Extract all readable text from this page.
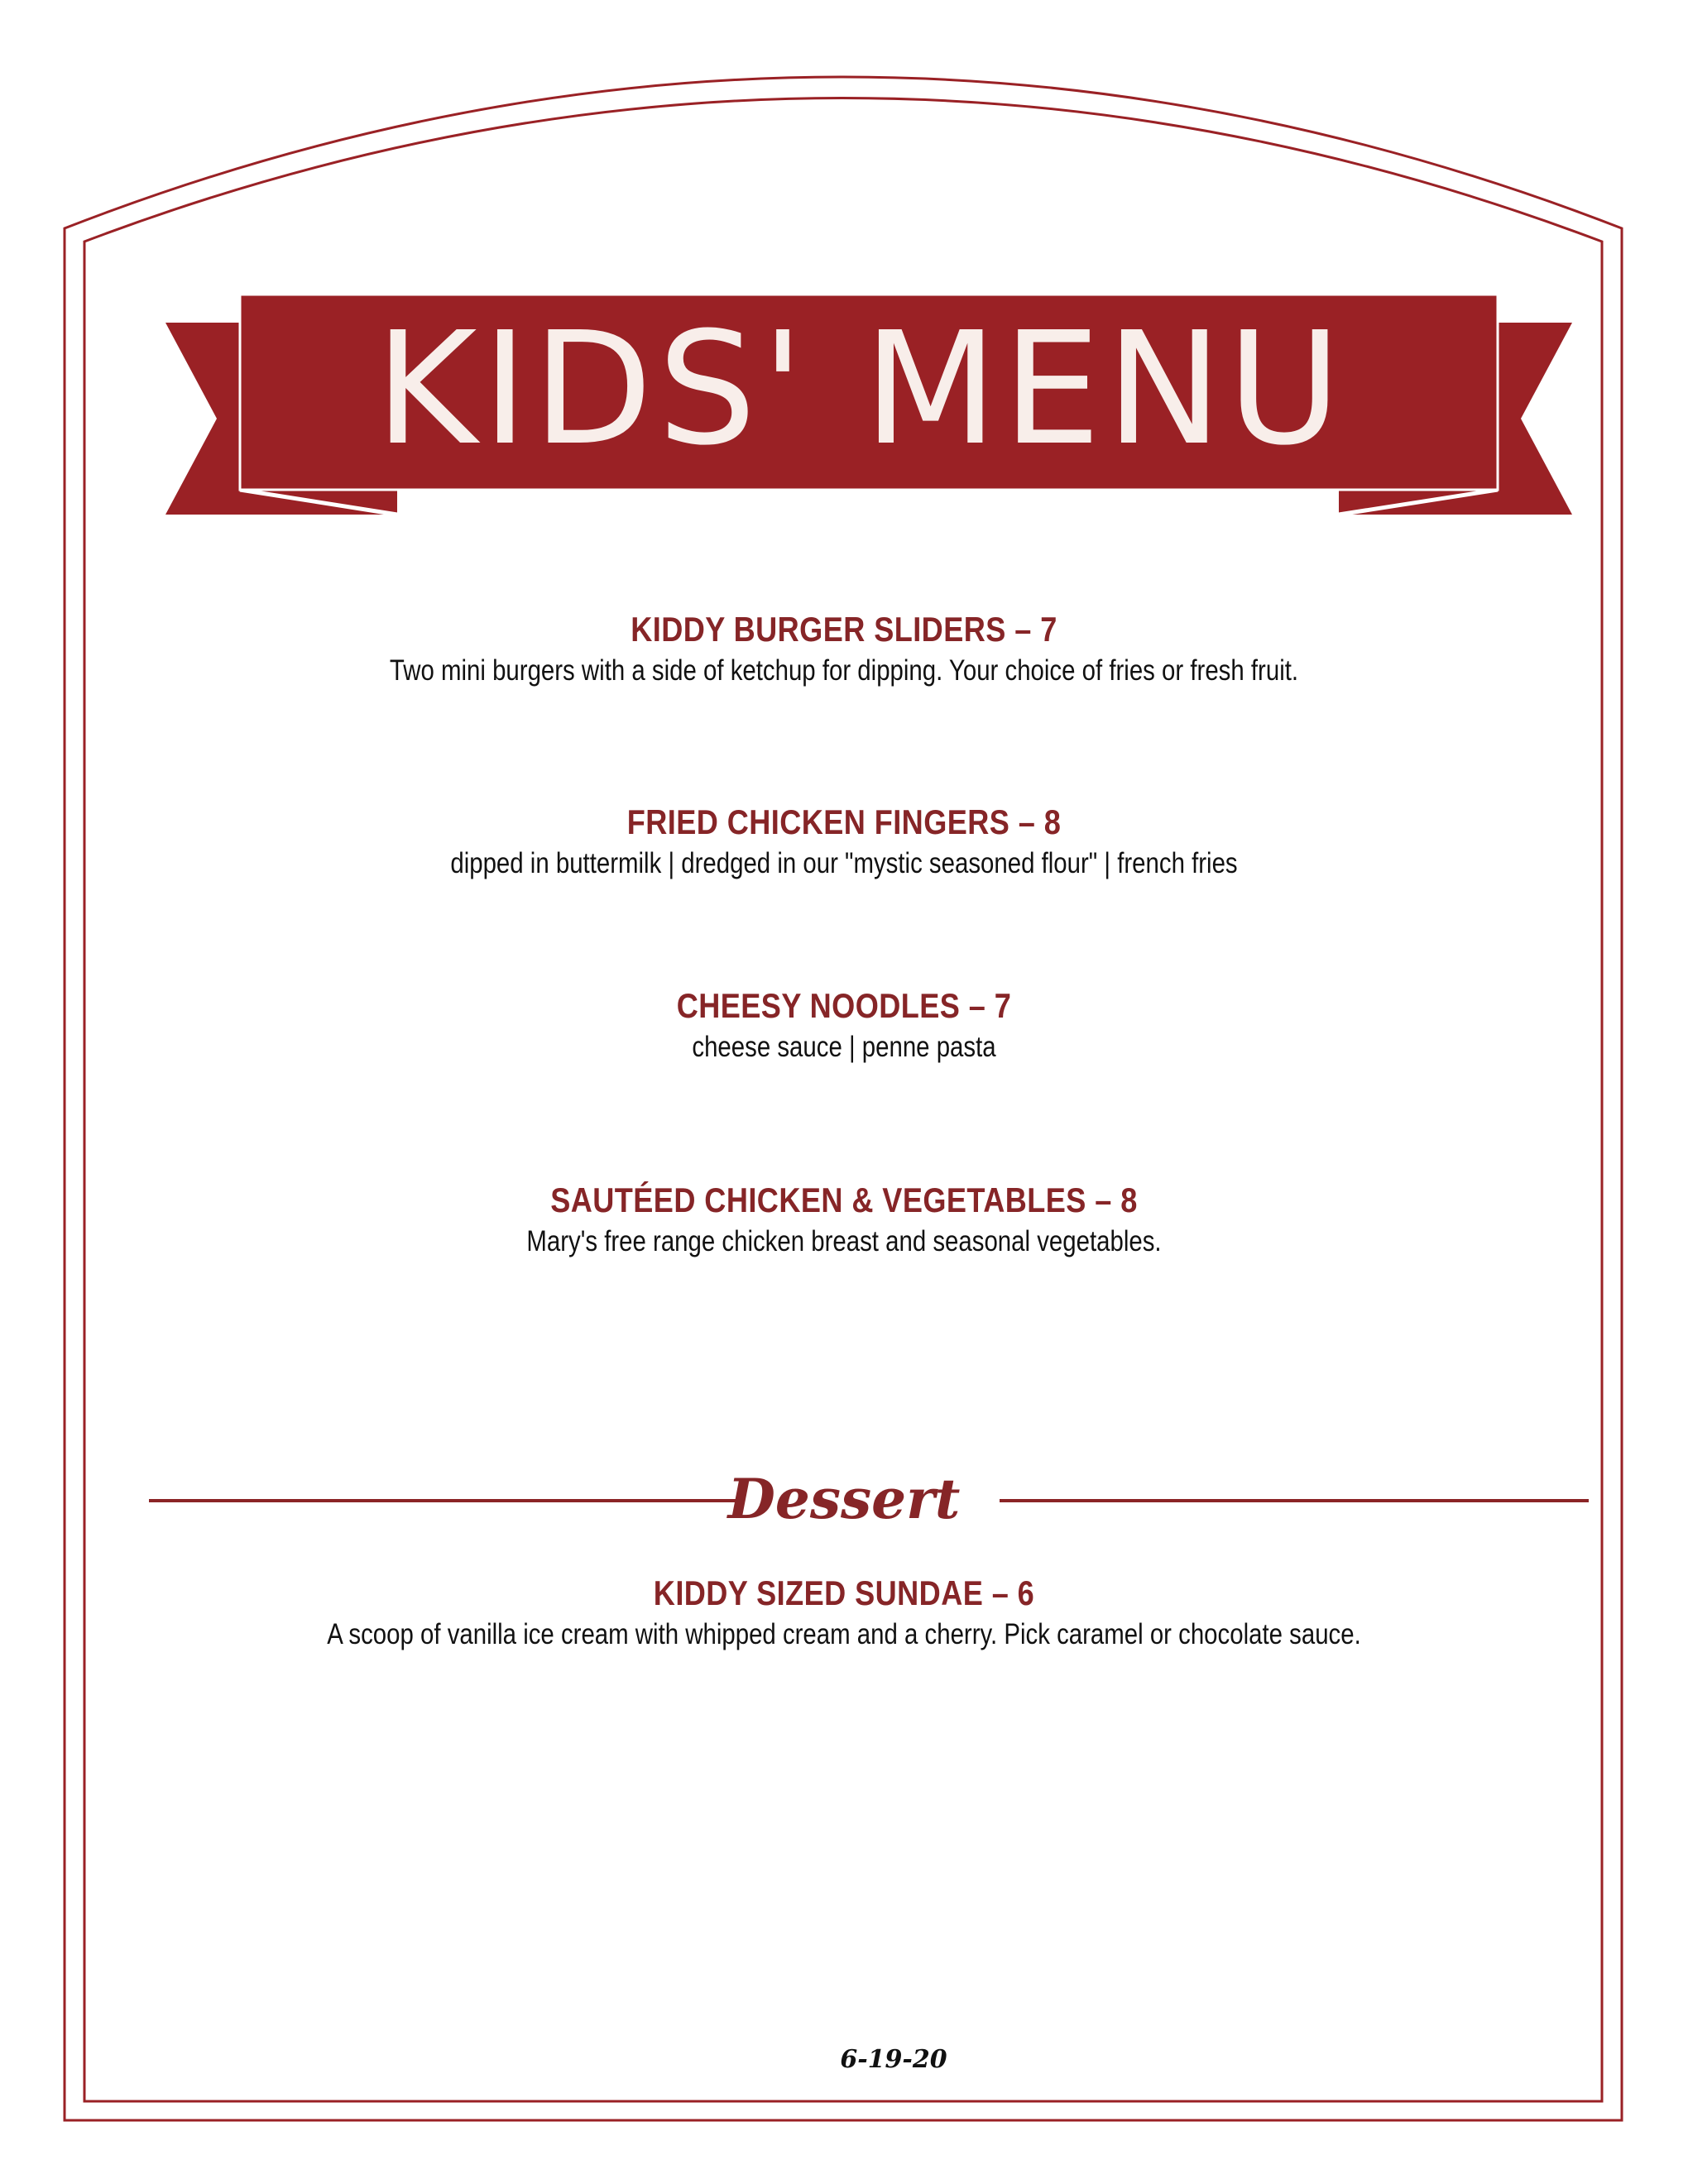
KIDS' MENU
KIDDY BURGER SLIDERS – 7
Two mini burgers with a side of ketchup for dipping. Your choice of fries or fresh fruit.
FRIED CHICKEN FINGERS – 8
dipped in buttermilk | dredged in our "mystic seasoned flour" | french fries
CHEESY NOODLES – 7
cheese sauce | penne pasta
SAUTÉED CHICKEN & VEGETABLES – 8
Mary's free range chicken breast and seasonal vegetables.
Dessert
KIDDY SIZED SUNDAE – 6
A scoop of vanilla ice cream with whipped cream and a cherry. Pick caramel or chocolate sauce.
6-19-20
